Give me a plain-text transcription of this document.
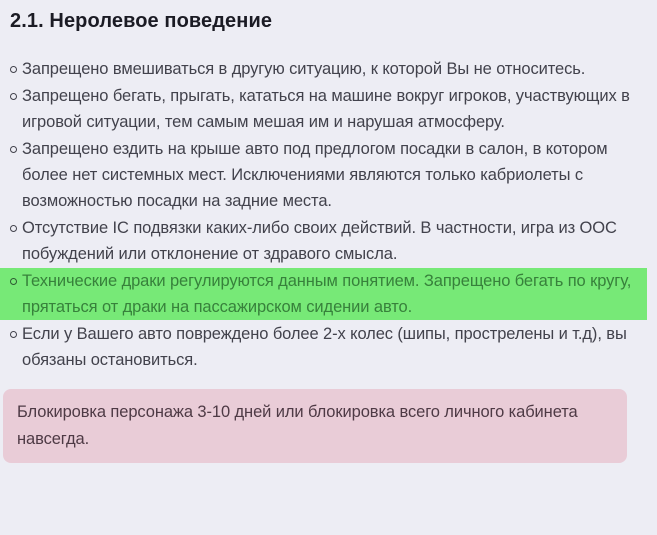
2.1. Неролевое поведение
Запрещено вмешиваться в другую ситуацию, к которой Вы не относитесь.
Запрещено бегать, прыгать, кататься на машине вокруг игроков, участвующих в игровой ситуации, тем самым мешая им и нарушая атмосферу.
Запрещено ездить на крыше авто под предлогом посадки в салон, в котором более нет системных мест. Исключениями являются только кабриолеты с возможностью посадки на задние места.
Отсутствие IC подвязки каких-либо своих действий. В частности, игра из ООС побуждений или отклонение от здравого смысла.
Технические драки регулируются данным понятием. Запрещено бегать по кругу, прятаться от драки на пассажирском сидении авто.
Если у Вашего авто повреждено более 2-х колес (шипы, прострелены и т.д), вы обязаны остановиться.
Блокировка персонажа 3-10 дней или блокировка всего личного кабинета навсегда.
